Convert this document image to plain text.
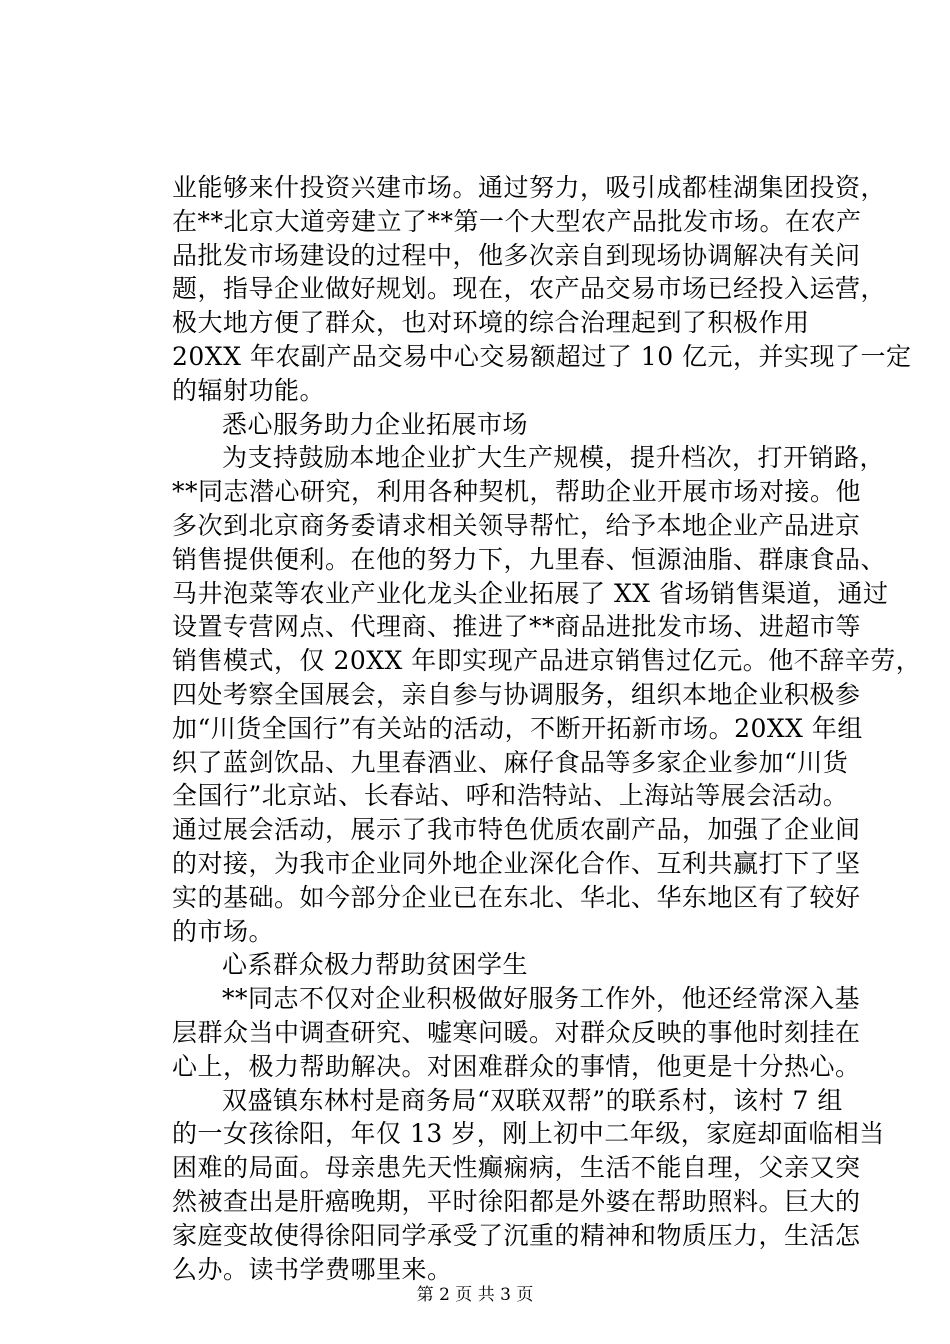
业能够来什投资兴建市场。通过努力，吸引成都桂湖集团投资，
在**北京大道旁建立了**第一个大型农产品批发市场。在农产
品批发市场建设的过程中，他多次亲自到现场协调解决有关问
题，指导企业做好规划。现在，农产品交易市场已经投入运营，
极大地方便了群众，也对环境的综合治理起到了积极作用
20XX 年农副产品交易中心交易额超过了 10 亿元，并实现了一定
的辐射功能。
悉心服务助力企业拓展市场
为支持鼓励本地企业扩大生产规模，提升档次，打开销路，
**同志潜心研究，利用各种契机，帮助企业开展市场对接。他
多次到北京商务委请求相关领导帮忙，给予本地企业产品进京
销售提供便利。在他的努力下，九里春、恒源油脂、群康食品、
马井泡菜等农业产业化龙头企业拓展了 XX 省场销售渠道，通过
设置专营网点、代理商、推进了**商品进批发市场、进超市等
销售模式，仅 20XX 年即实现产品进京销售过亿元。他不辞辛劳，
四处考察全国展会，亲自参与协调服务，组织本地企业积极参
加“川货全国行”有关站的活动，不断开拓新市场。20XX 年组
织了蓝剑饮品、九里春酒业、麻仔食品等多家企业参加“川货
全国行”北京站、长春站、呼和浩特站、上海站等展会活动。
通过展会活动，展示了我市特色优质农副产品，加强了企业间
的对接，为我市企业同外地企业深化合作、互利共赢打下了坚
实的基础。如今部分企业已在东北、华北、华东地区有了较好
的市场。
心系群众极力帮助贫困学生
**同志不仅对企业积极做好服务工作外，他还经常深入基
层群众当中调查研究、嘘寒问暖。对群众反映的事他时刻挂在
心上，极力帮助解决。对困难群众的事情，他更是十分热心。
双盛镇东林村是商务局“双联双帮”的联系村，该村 7 组
的一女孩徐阳，年仅 13 岁，刚上初中二年级，家庭却面临相当
困难的局面。母亲患先天性癫痫病，生活不能自理，父亲又突
然被查出是肝癌晚期，平时徐阳都是外婆在帮助照料。巨大的
家庭变故使得徐阳同学承受了沉重的精神和物质压力，生活怎
么办。读书学费哪里来。
第 2 页 共 3 页
